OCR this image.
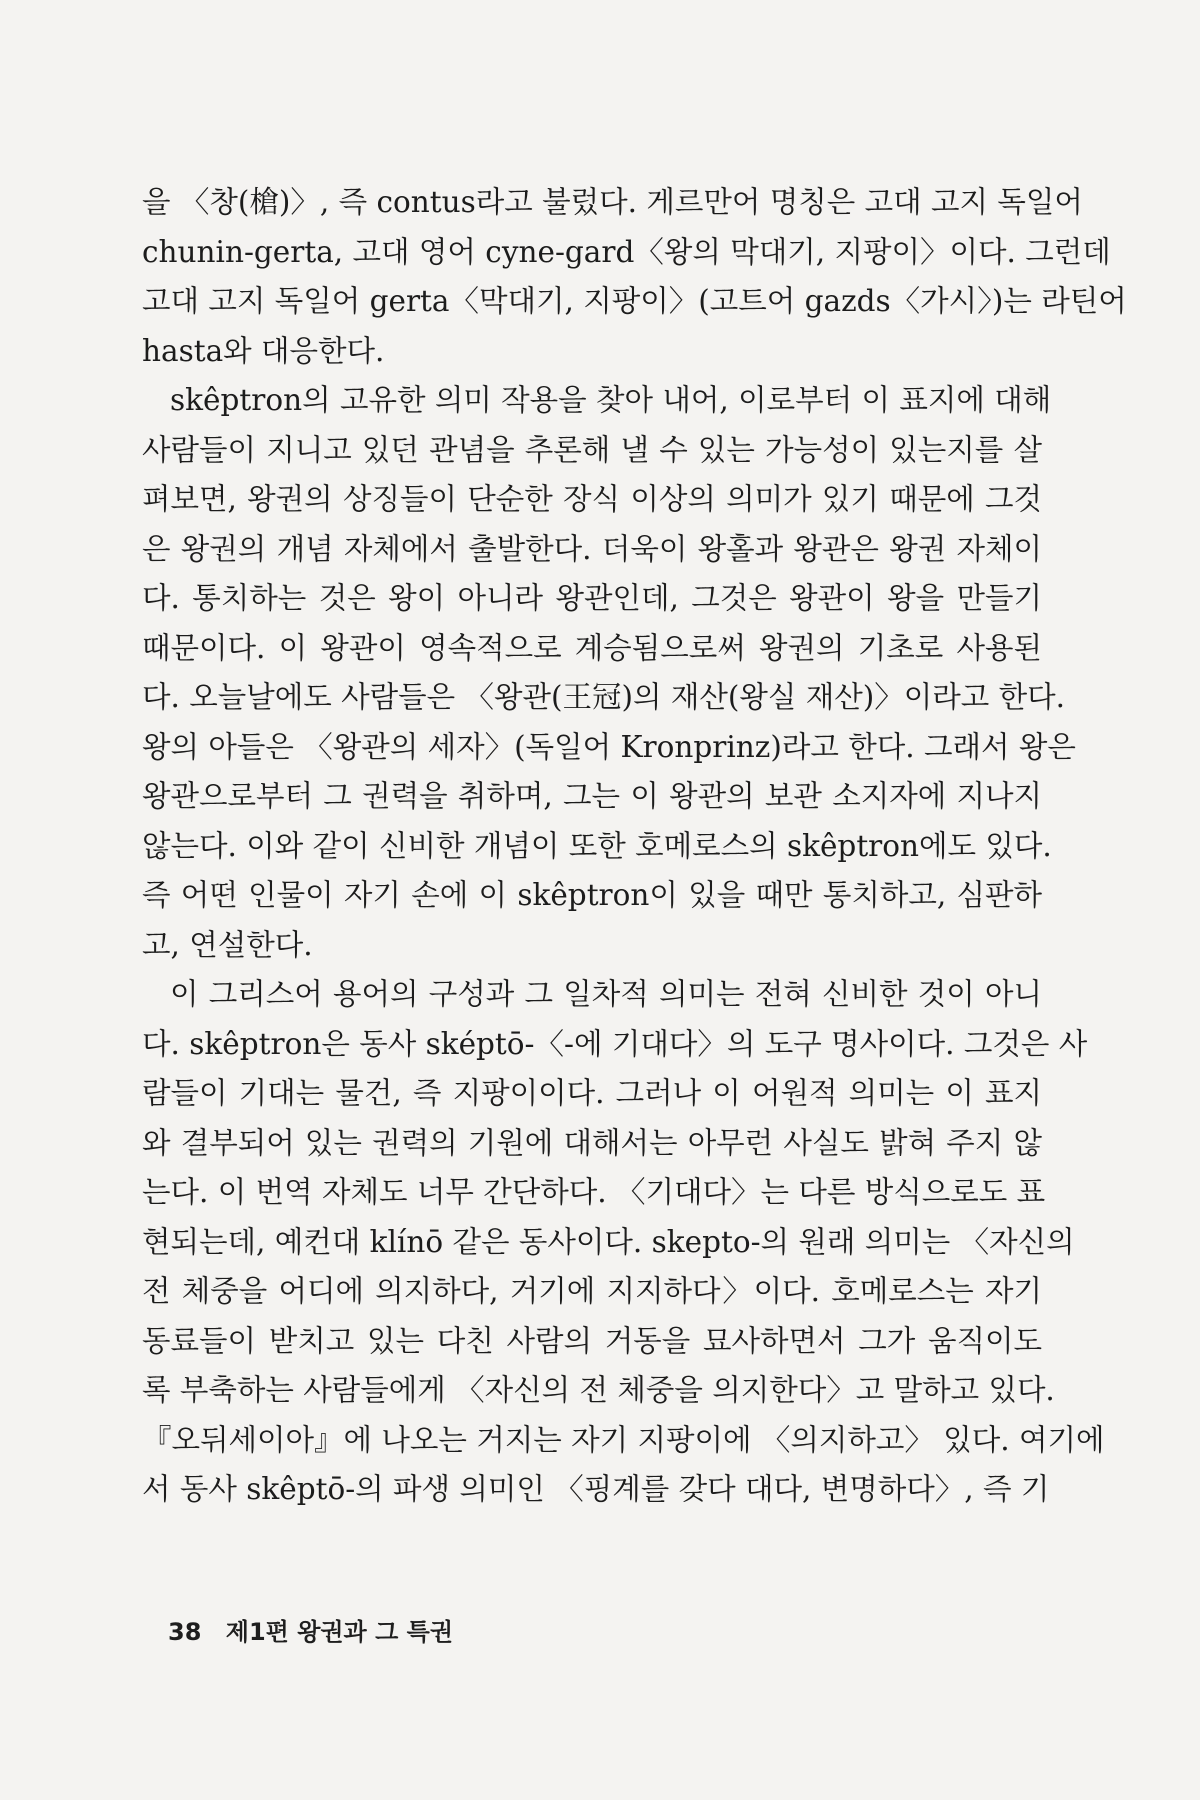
을 〈창(槍)〉, 즉 contus라고 불렀다. 게르만어 명칭은 고대 고지 독일어
chunin-gerta, 고대 영어 cyne-gard〈왕의 막대기, 지팡이〉이다. 그런데
고대 고지 독일어 gerta〈막대기, 지팡이〉(고트어 gazds〈가시〉)는 라틴어
hasta와 대응한다.
skêptron의 고유한 의미 작용을 찾아 내어, 이로부터 이 표지에 대해
사람들이 지니고 있던 관념을 추론해 낼 수 있는 가능성이 있는지를 살
펴보면, 왕권의 상징들이 단순한 장식 이상의 의미가 있기 때문에 그것
은 왕권의 개념 자체에서 출발한다. 더욱이 왕홀과 왕관은 왕권 자체이
다. 통치하는 것은 왕이 아니라 왕관인데, 그것은 왕관이 왕을 만들기
때문이다. 이 왕관이 영속적으로 계승됨으로써 왕권의 기초로 사용된
다. 오늘날에도 사람들은 〈왕관(王冠)의 재산(왕실 재산)〉이라고 한다.
왕의 아들은 〈왕관의 세자〉(독일어 Kronprinz)라고 한다. 그래서 왕은
왕관으로부터 그 권력을 취하며, 그는 이 왕관의 보관 소지자에 지나지
않는다. 이와 같이 신비한 개념이 또한 호메로스의 skêptron에도 있다.
즉 어떤 인물이 자기 손에 이 skêptron이 있을 때만 통치하고, 심판하
고, 연설한다.
이 그리스어 용어의 구성과 그 일차적 의미는 전혀 신비한 것이 아니
다. skêptron은 동사 sképtō-〈-에 기대다〉의 도구 명사이다. 그것은 사
람들이 기대는 물건, 즉 지팡이이다. 그러나 이 어원적 의미는 이 표지
와 결부되어 있는 권력의 기원에 대해서는 아무런 사실도 밝혀 주지 않
는다. 이 번역 자체도 너무 간단하다. 〈기대다〉는 다른 방식으로도 표
현되는데, 예컨대 klínō 같은 동사이다. skepto-의 원래 의미는 〈자신의
전 체중을 어디에 의지하다, 거기에 지지하다〉이다. 호메로스는 자기
동료들이 받치고 있는 다친 사람의 거동을 묘사하면서 그가 움직이도
록 부축하는 사람들에게 〈자신의 전 체중을 의지한다〉고 말하고 있다.
『오뒤세이아』에 나오는 거지는 자기 지팡이에 〈의지하고〉 있다. 여기에
서 동사 skêptō-의 파생 의미인 〈핑계를 갖다 대다, 변명하다〉, 즉 기
38 제1편 왕권과 그 특권
